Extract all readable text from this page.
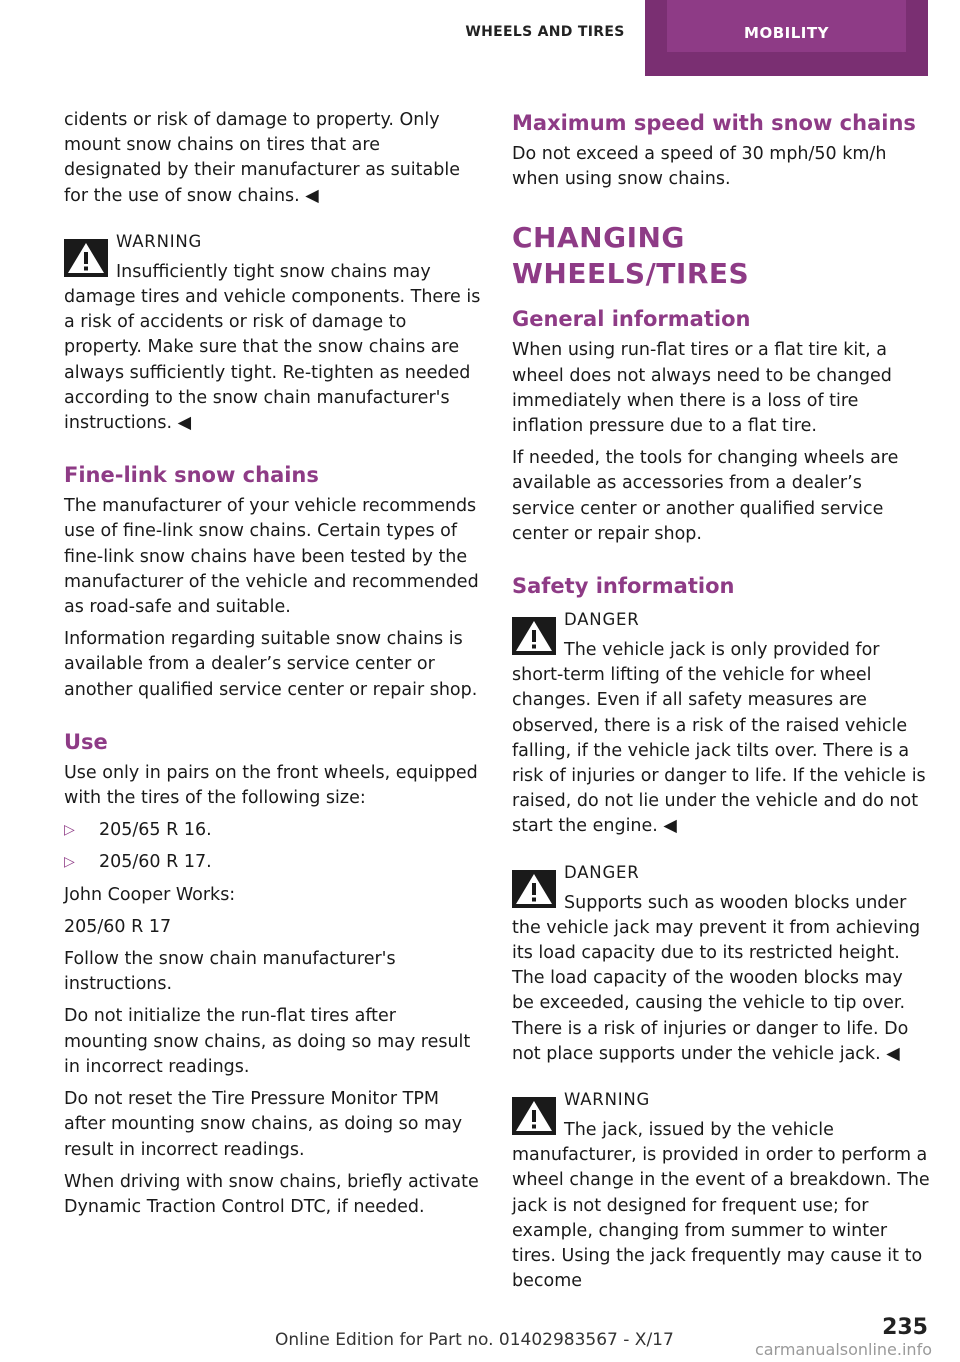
WHEELS AND TIRES	MOBILITY

cidents or risk of damage to property. Only mount snow chains on tires that are designated by their manufacturer as suitable for the use of snow chains. ◀

WARNING

Insufficiently tight snow chains may damage tires and vehicle components. There is a risk of accidents or risk of damage to property. Make sure that the snow chains are always sufficiently tight. Re-tighten as needed according to the snow chain manufacturer's instructions. ◀

Fine-link snow chains

The manufacturer of your vehicle recommends use of fine-link snow chains. Certain types of fine-link snow chains have been tested by the manufacturer of the vehicle and recommended as road-safe and suitable.

Information regarding suitable snow chains is available from a dealer’s service center or another qualified service center or repair shop.

Use

Use only in pairs on the front wheels, equipped with the tires of the following size:

▷ 205/65 R 16.
▷ 205/60 R 17.

John Cooper Works:

205/60 R 17

Follow the snow chain manufacturer's instructions.

Do not initialize the run-flat tires after mounting snow chains, as doing so may result in incorrect readings.

Do not reset the Tire Pressure Monitor TPM after mounting snow chains, as doing so may result in incorrect readings.

When driving with snow chains, briefly activate Dynamic Traction Control DTC, if needed.

Maximum speed with snow chains

Do not exceed a speed of 30 mph/50 km/h when using snow chains.

CHANGING WHEELS/TIRES
General information

When using run-flat tires or a flat tire kit, a wheel does not always need to be changed immediately when there is a loss of tire inflation pressure due to a flat tire.

If needed, the tools for changing wheels are available as accessories from a dealer’s service center or another qualified service center or repair shop.

Safety information
DANGER

The vehicle jack is only provided for short-term lifting of the vehicle for wheel changes. Even if all safety measures are observed, there is a risk of the raised vehicle falling, if the vehicle jack tilts over. There is a risk of injuries or danger to life. If the vehicle is raised, do not lie under the vehicle and do not start the engine. ◀

DANGER

Supports such as wooden blocks under the vehicle jack may prevent it from achieving its load capacity due to its restricted height. The load capacity of the wooden blocks may be exceeded, causing the vehicle to tip over. There is a risk of injuries or danger to life. Do not place supports under the vehicle jack. ◀

WARNING

The jack, issued by the vehicle manufacturer, is provided in order to perform a wheel change in the event of a breakdown. The jack is not designed for frequent use; for example, changing from summer to winter tires. Using the jack frequently may cause it to become

Online Edition for Part no. 01402983567 - X/17	235
carmanualsonline.info
